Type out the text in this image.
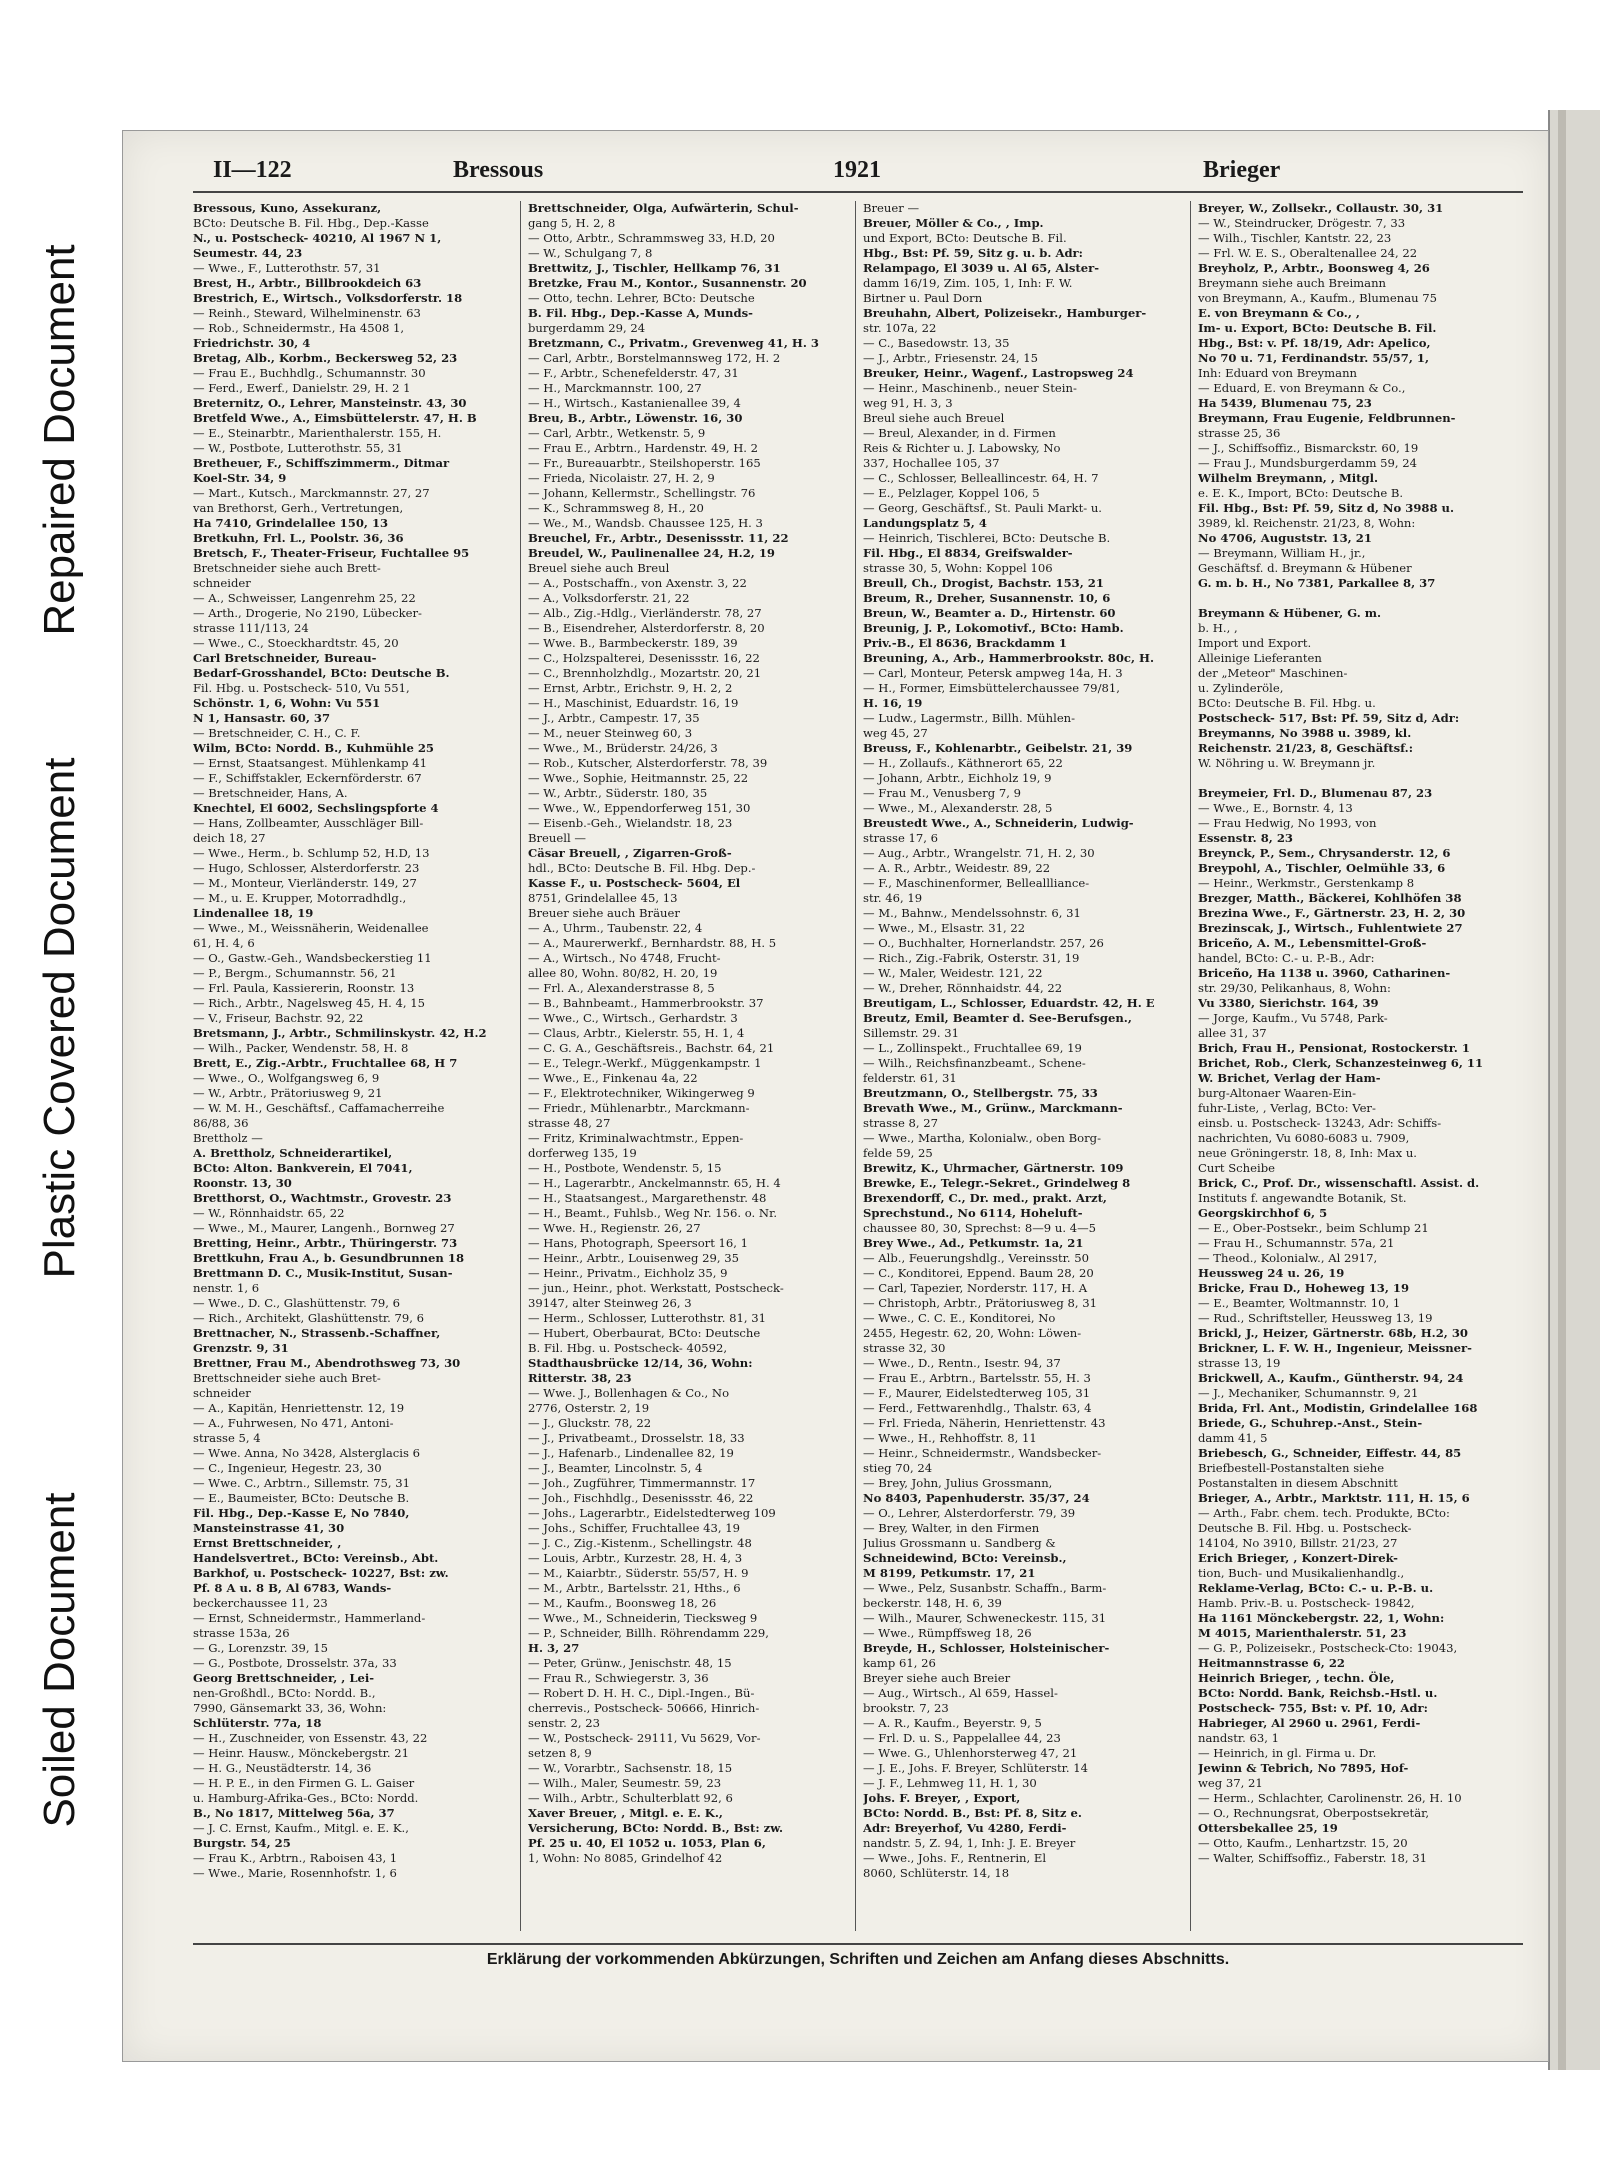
Soiled Document
Plastic Covered Document
Repaired Document
II—122	Bressous	1921	Brieger
Bressous, Kuno, Assekuranz,
BCto: Deutsche B. Fil. Hbg., Dep.-Kasse
N., u. Postscheck- 40210, Al 1967 N 1,
Seumestr. 44, 23
— Wwe., F., Lutterothstr. 57, 31
Brest, H., Arbtr., Billbrookdeich 63
Brestrich, E., Wirtsch., Volksdorferstr. 18
— Reinh., Steward, Wilhelminenstr. 63
— Rob., Schneidermstr., Ha 4508 1,
Friedrichstr. 30, 4
Bretag, Alb., Korbm., Beckersweg 52, 23
— Frau E., Buchhdlg., Schumannstr. 30
— Ferd., Ewerf., Danielstr. 29, H. 2 1
Breternitz, O., Lehrer, Mansteinstr. 43, 30
Bretfeld Wwe., A., Eimsbüttelerstr. 47, H. B
— E., Steinarbtr., Marienthalerstr. 155, H.
— W., Postbote, Lutterothstr. 55, 31
Bretheuer, F., Schiffszimmerm., Ditmar
Koel-Str. 34, 9
— Mart., Kutsch., Marckmannstr. 27, 27
van Brethorst, Gerh., Vertretungen,
Ha 7410, Grindelallee 150, 13
Bretkuhn, Frl. L., Poolstr. 36, 36
Bretsch, F., Theater-Friseur, Fuchtallee 95
Bretschneider siehe auch Brett-
schneider
— A., Schweisser, Langenrehm 25, 22
— Arth., Drogerie, No 2190, Lübecker-
strasse 111/113, 24
— Wwe., C., Stoeckhardtstr. 45, 20
Carl Bretschneider, Bureau-
Bedarf-Grosshandel, BCto: Deutsche B.
Fil. Hbg. u. Postscheck- 510, Vu 551,
Schönstr. 1, 6, Wohn: Vu 551
N 1, Hansastr. 60, 37
— Bretschneider, C. H., C. F.
Wilm, BCto: Nordd. B., Kuhmühle 25
— Ernst, Staatsangest. Mühlenkamp 41
— F., Schiffstakler, Eckernförderstr. 67
— Bretschneider, Hans, A.
Knechtel, El 6002, Sechslingspforte 4
— Hans, Zollbeamter, Ausschläger Bill-
deich 18, 27
— Wwe., Herm., b. Schlump 52, H.D, 13
— Hugo, Schlosser, Alsterdorferstr. 23
— M., Monteur, Vierländerstr. 149, 27
— M., u. E. Krupper, Motorradhdlg.,
Lindenallee 18, 19
— Wwe., M., Weissnäherin, Weidenallee
61, H. 4, 6
— O., Gastw.-Geh., Wandsbeckerstieg 11
— P., Bergm., Schumannstr. 56, 21
— Frl. Paula, Kassiererin, Roonstr. 13
— Rich., Arbtr., Nagelsweg 45, H. 4, 15
— V., Friseur, Bachstr. 92, 22
Bretsmann, J., Arbtr., Schmilinskystr. 42, H.2
— Wilh., Packer, Wendenstr. 58, H. 8
Brett, E., Zig.-Arbtr., Fruchtallee 68, H 7
— Wwe., O., Wolfgangsweg 6, 9
— W., Arbtr., Prätoriusweg 9, 21
— W. M. H., Geschäftsf., Caffamacherreihe
86/88, 36
Brettholz —
A. Brettholz, Schneiderartikel,
BCto: Alton. Bankverein, El 7041,
Roonstr. 13, 30
Bretthorst, O., Wachtmstr., Grovestr. 23
— W., Rönnhaidstr. 65, 22
— Wwe., M., Maurer, Langenh., Bornweg 27
Bretting, Heinr., Arbtr., Thüringerstr. 73
Brettkuhn, Frau A., b. Gesundbrunnen 18
Brettmann D. C., Musik-Institut, Susan-
nenstr. 1, 6
— Wwe., D. C., Glashüttenstr. 79, 6
— Rich., Architekt, Glashüttenstr. 79, 6
Brettnacher, N., Strassenb.-Schaffner,
Grenzstr. 9, 31
Brettner, Frau M., Abendrothsweg 73, 30
Brettschneider siehe auch Bret-
schneider
— A., Kapitän, Henriettenstr. 12, 19
— A., Fuhrwesen, No 471, Antoni-
strasse 5, 4
— Wwe. Anna, No 3428, Alsterglacis 6
— C., Ingenieur, Hegestr. 23, 30
— Wwe. C., Arbtrn., Sillemstr. 75, 31
— E., Baumeister, BCto: Deutsche B.
Fil. Hbg., Dep.-Kasse E, No 7840,
Mansteinstrasse 41, 30
Ernst Brettschneider, ,
Handelsvertret., BCto: Vereinsb., Abt.
Barkhof, u. Postscheck- 10227, Bst: zw.
Pf. 8 A u. 8 B, Al 6783, Wands-
beckerchaussee 11, 23
— Ernst, Schneidermstr., Hammerland-
strasse 153a, 26
— G., Lorenzstr. 39, 15
— G., Postbote, Drosselstr. 37a, 33
Georg Brettschneider, , Lei-
nen-Großhdl., BCto: Nordd. B.,
7990, Gänsemarkt 33, 36, Wohn:
Schlüterstr. 77a, 18
— H., Zuschneider, von Essenstr. 43, 22
— Heinr. Hausw., Mönckebergstr. 21
— H. G., Neustädterstr. 14, 36
— H. P. E., in den Firmen G. L. Gaiser
u. Hamburg-Afrika-Ges., BCto: Nordd.
B., No 1817, Mittelweg 56a, 37
— J. C. Ernst, Kaufm., Mitgl. e. E. K.,
Burgstr. 54, 25
— Frau K., Arbtrn., Raboisen 43, 1
— Wwe., Marie, Rosennhofstr. 1, 6
Brettschneider, Olga, Aufwärterin, Schul-
gang 5, H. 2, 8
— Otto, Arbtr., Schrammsweg 33, H.D, 20
— W., Schulgang 7, 8
Brettwitz, J., Tischler, Hellkamp 76, 31
Bretzke, Frau M., Kontor., Susannenstr. 20
— Otto, techn. Lehrer, BCto: Deutsche
B. Fil. Hbg., Dep.-Kasse A, Munds-
burgerdamm 29, 24
Bretzmann, C., Privatm., Grevenweg 41, H. 3
— Carl, Arbtr., Borstelmannsweg 172, H. 2
— F., Arbtr., Schenefelderstr. 47, 31
— H., Marckmannstr. 100, 27
— H., Wirtsch., Kastanienallee 39, 4
Breu, B., Arbtr., Löwenstr. 16, 30
— Carl, Arbtr., Wetkenstr. 5, 9
— Frau E., Arbtrn., Hardenstr. 49, H. 2
— Fr., Bureauarbtr., Steilshoperstr. 165
— Frieda, Nicolaistr. 27, H. 2, 9
— Johann, Kellermstr., Schellingstr. 76
— K., Schrammsweg 8, H., 20
— We., M., Wandsb. Chaussee 125, H. 3
Breuchel, Fr., Arbtr., Desenissstr. 11, 22
Breudel, W., Paulinenallee 24, H.2, 19
Breuel siehe auch Breul
— A., Postschaffn., von Axenstr. 3, 22
— A., Volksdorferstr. 21, 22
— Alb., Zig.-Hdlg., Vierländerstr. 78, 27
— B., Eisendreher, Alsterdorferstr. 8, 20
— Wwe. B., Barmbeckerstr. 189, 39
— C., Holzspalterei, Desenissstr. 16, 22
— C., Brennholzhdlg., Mozartstr. 20, 21
— Ernst, Arbtr., Erichstr. 9, H. 2, 2
— H., Maschinist, Eduardstr. 16, 19
— J., Arbtr., Campestr. 17, 35
— M., neuer Steinweg 60, 3
— Wwe., M., Brüderstr. 24/26, 3
— Rob., Kutscher, Alsterdorferstr. 78, 39
— Wwe., Sophie, Heitmannstr. 25, 22
— W., Arbtr., Süderstr. 180, 35
— Wwe., W., Eppendorferweg 151, 30
— Eisenb.-Geh., Wielandstr. 18, 23
Breuell —
Cäsar Breuell, , Zigarren-Groß-
hdl., BCto: Deutsche B. Fil. Hbg. Dep.-
Kasse F., u. Postscheck- 5604, El
8751, Grindelallee 45, 13
Breuer siehe auch Bräuer
— A., Uhrm., Taubenstr. 22, 4
— A., Maurerwerkf., Bernhardstr. 88, H. 5
— A., Wirtsch., No 4748, Frucht-
allee 80, Wohn. 80/82, H. 20, 19
— Frl. A., Alexanderstrasse 8, 5
— B., Bahnbeamt., Hammerbrookstr. 37
— Wwe., C., Wirtsch., Gerhardstr. 3
— Claus, Arbtr., Kielerstr. 55, H. 1, 4
— C. G. A., Geschäftsreis., Bachstr. 64, 21
— E., Telegr.-Werkf., Müggenkampstr. 1
— Wwe., E., Finkenau 4a, 22
— F., Elektrotechniker, Wikingerweg 9
— Friedr., Mühlenarbtr., Marckmann-
strasse 48, 27
— Fritz, Kriminalwachtmstr., Eppen-
dorferweg 135, 19
— H., Postbote, Wendenstr. 5, 15
— H., Lagerarbtr., Anckelmannstr. 65, H. 4
— H., Staatsangest., Margarethenstr. 48
— H., Beamt., Fuhlsb., Weg Nr. 156. o. Nr.
— Wwe. H., Regienstr. 26, 27
— Hans, Photograph, Speersort 16, 1
— Heinr., Arbtr., Louisenweg 29, 35
— Heinr., Privatm., Eichholz 35, 9
— jun., Heinr., phot. Werkstatt, Postscheck-
39147, alter Steinweg 26, 3
— Herm., Schlosser, Lutterothstr. 81, 31
— Hubert, Oberbaurat, BCto: Deutsche
B. Fil. Hbg. u. Postscheck- 40592,
Stadthausbrücke 12/14, 36, Wohn:
Ritterstr. 38, 23
— Wwe. J., Bollenhagen & Co., No
2776, Osterstr. 2, 19
— J., Gluckstr. 78, 22
— J., Privatbeamt., Drosselstr. 18, 33
— J., Hafenarb., Lindenallee 82, 19
— J., Beamter, Lincolnstr. 5, 4
— Joh., Zugführer, Timmermannstr. 17
— Joh., Fischhdlg., Desenissstr. 46, 22
— Johs., Lagerarbtr., Eidelstedterweg 109
— Johs., Schiffer, Fruchtallee 43, 19
— J. C., Zig.-Kistenm., Schellingstr. 48
— Louis, Arbtr., Kurzestr. 28, H. 4, 3
— M., Kaiarbtr., Süderstr. 55/57, H. 9
— M., Arbtr., Bartelsstr. 21, Hths., 6
— M., Kaufm., Boonsweg 18, 26
— Wwe., M., Schneiderin, Tiecksweg 9
— P., Schneider, Billh. Röhrendamm 229,
H. 3, 27
— Peter, Grünw., Jenischstr. 48, 15
— Frau R., Schwiegerstr. 3, 36
— Robert D. H. H. C., Dipl.-Ingen., Bü-
cherrevis., Postscheck- 50666, Hinrich-
senstr. 2, 23
— W., Postscheck- 29111, Vu 5629, Vor-
setzen 8, 9
— W., Vorarbtr., Sachsenstr. 18, 15
— Wilh., Maler, Seumestr. 59, 23
— Wilh., Arbtr., Schulterblatt 92, 6
Xaver Breuer, , Mitgl. e. E. K.,
Versicherung, BCto: Nordd. B., Bst: zw.
Pf. 25 u. 40, El 1052 u. 1053, Plan 6,
1, Wohn: No 8085, Grindelhof 42
Breuer —
Breuer, Möller & Co., , Imp.
und Export, BCto: Deutsche B. Fil.
Hbg., Bst: Pf. 59, Sitz g. u. b. Adr:
Relampago, El 3039 u. Al 65, Alster-
damm 16/19, Zim. 105, 1, Inh: F. W.
Birtner u. Paul Dorn
Breuhahn, Albert, Polizeisekr., Hamburger-
str. 107a, 22
— C., Basedowstr. 13, 35
— J., Arbtr., Friesenstr. 24, 15
Breuker, Heinr., Wagenf., Lastropsweg 24
— Heinr., Maschinenb., neuer Stein-
weg 91, H. 3, 3
Breul siehe auch Breuel
— Breul, Alexander, in d. Firmen
Reis & Richter u. J. Labowsky, No
337, Hochallee 105, 37
— C., Schlosser, Belleallincestr. 64, H. 7
— E., Pelzlager, Koppel 106, 5
— Georg, Geschäftsf., St. Pauli Markt- u.
Landungsplatz 5, 4
— Heinrich, Tischlerei, BCto: Deutsche B.
Fil. Hbg., El 8834, Greifswalder-
strasse 30, 5, Wohn: Koppel 106
Breull, Ch., Drogist, Bachstr. 153, 21
Breum, R., Dreher, Susannenstr. 10, 6
Breun, W., Beamter a. D., Hirtenstr. 60
Breunig, J. P., Lokomotivf., BCto: Hamb.
Priv.-B., El 8636, Brackdamm 1
Breuning, A., Arb., Hammerbrookstr. 80c, H.
— Carl, Monteur, Petersk ampweg 14a, H. 3
— H., Former, Eimsbüttelerchaussee 79/81,
H. 16, 19
— Ludw., Lagermstr., Billh. Mühlen-
weg 45, 27
Breuss, F., Kohlenarbtr., Geibelstr. 21, 39
— H., Zollaufs., Käthnerort 65, 22
— Johann, Arbtr., Eichholz 19, 9
— Frau M., Venusberg 7, 9
— Wwe., M., Alexanderstr. 28, 5
Breustedt Wwe., A., Schneiderin, Ludwig-
strasse 17, 6
— Aug., Arbtr., Wrangelstr. 71, H. 2, 30
— A. R., Arbtr., Weidestr. 89, 22
— F., Maschinenformer, Belleallliance-
str. 46, 19
— M., Bahnw., Mendelssohnstr. 6, 31
— Wwe., M., Elsastr. 31, 22
— O., Buchhalter, Hornerlandstr. 257, 26
— Rich., Zig.-Fabrik, Osterstr. 31, 19
— W., Maler, Weidestr. 121, 22
— W., Dreher, Rönnhaidstr. 44, 22
Breutigam, L., Schlosser, Eduardstr. 42, H. E
Breutz, Emil, Beamter d. See-Berufsgen.,
Sillemstr. 29. 31
— L., Zollinspekt., Fruchtallee 69, 19
— Wilh., Reichsfinanzbeamt., Schene-
felderstr. 61, 31
Breutzmann, O., Stellbergstr. 75, 33
Brevath Wwe., M., Grünw., Marckmann-
strasse 8, 27
— Wwe., Martha, Kolonialw., oben Borg-
felde 59, 25
Brewitz, K., Uhrmacher, Gärtnerstr. 109
Brewke, E., Telegr.-Sekret., Grindelweg 8
Brexendorff, C., Dr. med., prakt. Arzt,
Sprechstund., No 6114, Hoheluft-
chaussee 80, 30, Sprechst: 8—9 u. 4—5
Brey Wwe., Ad., Petkumstr. 1a, 21
— Alb., Feuerungshdlg., Vereinsstr. 50
— C., Konditorei, Eppend. Baum 28, 20
— Carl, Tapezier, Norderstr. 117, H. A
— Christoph, Arbtr., Prätoriusweg 8, 31
— Wwe., C. C. E., Konditorei, No
2455, Hegestr. 62, 20, Wohn: Löwen-
strasse 32, 30
— Wwe., D., Rentn., Isestr. 94, 37
— Frau E., Arbtrn., Bartelsstr. 55, H. 3
— F., Maurer, Eidelstedterweg 105, 31
— Ferd., Fettwarenhdlg., Thalstr. 63, 4
— Frl. Frieda, Näherin, Henriettenstr. 43
— Wwe., H., Rehhoffstr. 8, 11
— Heinr., Schneidermstr., Wandsbecker-
stieg 70, 24
— Brey, John, Julius Grossmann,
No 8403, Papenhuderstr. 35/37, 24
— O., Lehrer, Alsterdorferstr. 79, 39
— Brey, Walter, in den Firmen
Julius Grossmann u. Sandberg &
Schneidewind, BCto: Vereinsb.,
M 8199, Petkumstr. 17, 21
— Wwe., Pelz, Susanbstr. Schaffn., Barm-
beckerstr. 148, H. 6, 39
— Wilh., Maurer, Schweneckestr. 115, 31
— Wwe., Rümpffsweg 18, 26
Breyde, H., Schlosser, Holsteinischer-
kamp 61, 26
Breyer siehe auch Breier
— Aug., Wirtsch., Al 659, Hassel-
brookstr. 7, 23
— A. R., Kaufm., Beyerstr. 9, 5
— Frl. D. u. S., Pappelallee 44, 23
— Wwe. G., Uhlenhorsterweg 47, 21
— J. E., Johs. F. Breyer, Schlüterstr. 14
— J. F., Lehmweg 11, H. 1, 30
Johs. F. Breyer, , Export,
BCto: Nordd. B., Bst: Pf. 8, Sitz e.
Adr: Breyerhof, Vu 4280, Ferdi-
nandstr. 5, Z. 94, 1, Inh: J. E. Breyer
— Wwe., Johs. F., Rentnerin, El
8060, Schlüterstr. 14, 18
Breyer, W., Zollsekr., Collaustr. 30, 31
— W., Steindrucker, Drögestr. 7, 33
— Wilh., Tischler, Kantstr. 22, 23
— Frl. W. E. S., Oberaltenallee 24, 22
Breyholz, P., Arbtr., Boonsweg 4, 26
Breymann siehe auch Breimann
von Breymann, A., Kaufm., Blumenau 75
E. von Breymann & Co., ,
Im- u. Export, BCto: Deutsche B. Fil.
Hbg., Bst: v. Pf. 18/19, Adr: Apelico,
No 70 u. 71, Ferdinandstr. 55/57, 1,
Inh: Eduard von Breymann
— Eduard, E. von Breymann & Co.,
Ha 5439, Blumenau 75, 23
Breymann, Frau Eugenie, Feldbrunnen-
strasse 25, 36
— J., Schiffsoffiz., Bismarckstr. 60, 19
— Frau J., Mundsburgerdamm 59, 24
Wilhelm Breymann, , Mitgl.
e. E. K., Import, BCto: Deutsche B.
Fil. Hbg., Bst: Pf. 59, Sitz d, No 3988 u.
3989, kl. Reichenstr. 21/23, 8, Wohn:
No 4706, Auguststr. 13, 21
— Breymann, William H., jr.,
Geschäftsf. d. Breymann & Hübener
G. m. b. H., No 7381, Parkallee 8, 37

Breymann & Hübener, G. m.
b. H., ,
Import und Export.
Alleinige Lieferanten
der „Meteor" Maschinen-
u. Zylinderöle,
BCto: Deutsche B. Fil. Hbg. u.
Postscheck- 517, Bst: Pf. 59, Sitz d, Adr:
Breymanns, No 3988 u. 3989, kl.
Reichenstr. 21/23, 8, Geschäftsf.:
W. Nöhring u. W. Breymann jr.

Breymeier, Frl. D., Blumenau 87, 23
— Wwe., E., Bornstr. 4, 13
— Frau Hedwig, No 1993, von
Essenstr. 8, 23
Breynck, P., Sem., Chrysanderstr. 12, 6
Breypohl, A., Tischler, Oelmühle 33, 6
— Heinr., Werkmstr., Gerstenkamp 8
Brezger, Matth., Bäckerei, Kohlhöfen 38
Brezina Wwe., F., Gärtnerstr. 23, H. 2, 30
Brezinscak, J., Wirtsch., Fuhlentwiete 27
Briceño, A. M., Lebensmittel-Groß-
handel, BCto: C.- u. P.-B., Adr:
Briceño, Ha 1138 u. 3960, Catharinen-
str. 29/30, Pelikanhaus, 8, Wohn:
Vu 3380, Sierichstr. 164, 39
— Jorge, Kaufm., Vu 5748, Park-
allee 31, 37
Brich, Frau H., Pensionat, Rostockerstr. 1
Brichet, Rob., Clerk, Schanzesteinweg 6, 11
W. Brichet, Verlag der Ham-
burg-Altonaer Waaren-Ein-
fuhr-Liste, , Verlag, BCto: Ver-
einsb. u. Postscheck- 13243, Adr: Schiffs-
nachrichten, Vu 6080-6083 u. 7909,
neue Gröningerstr. 18, 8, Inh: Max u.
Curt Scheibe
Brick, C., Prof. Dr., wissenschaftl. Assist. d.
Instituts f. angewandte Botanik, St.
Georgskirchhof 6, 5
— E., Ober-Postsekr., beim Schlump 21
— Frau H., Schumannstr. 57a, 21
— Theod., Kolonialw., Al 2917,
Heussweg 24 u. 26, 19
Bricke, Frau D., Hoheweg 13, 19
— E., Beamter, Woltmannstr. 10, 1
— Rud., Schriftsteller, Heussweg 13, 19
Brickl, J., Heizer, Gärtnerstr. 68b, H.2, 30
Brickner, L. F. W. H., Ingenieur, Meissner-
strasse 13, 19
Brickwell, A., Kaufm., Güntherstr. 94, 24
— J., Mechaniker, Schumannstr. 9, 21
Brida, Frl. Ant., Modistin, Grindelallee 168
Briede, G., Schuhrep.-Anst., Stein-
damm 41, 5
Briebesch, G., Schneider, Eiffestr. 44, 85
Briefbestell-Postanstalten siehe
Postanstalten in diesem Abschnitt
Brieger, A., Arbtr., Marktstr. 111, H. 15, 6
— Arth., Fabr. chem. tech. Produkte, BCto:
Deutsche B. Fil. Hbg. u. Postscheck-
14104, No 3910, Billstr. 21/23, 27
Erich Brieger, , Konzert-Direk-
tion, Buch- und Musikalienhandlg.,
Reklame-Verlag, BCto: C.- u. P.-B. u.
Hamb. Priv.-B. u. Postscheck- 19842,
Ha 1161 Mönckebergstr. 22, 1, Wohn:
M 4015, Marienthalerstr. 51, 23
— G. P., Polizeisekr., Postscheck-Cto: 19043,
Heitmannstrasse 6, 22
Heinrich Brieger, , techn. Öle,
BCto: Nordd. Bank, Reichsb.-Hstl. u.
Postscheck- 755, Bst: v. Pf. 10, Adr:
Habrieger, Al 2960 u. 2961, Ferdi-
nandstr. 63, 1
— Heinrich, in gl. Firma u. Dr.
Jewinn & Tebrich, No 7895, Hof-
weg 37, 21
— Herm., Schlachter, Carolinenstr. 26, H. 10
— O., Rechnungsrat, Oberpostsekretär,
Ottersbekallee 25, 19
— Otto, Kaufm., Lenhartzstr. 15, 20
— Walter, Schiffsoffiz., Faberstr. 18, 31
Erklärung der vorkommenden Abkürzungen, Schriften und Zeichen am Anfang dieses Abschnitts.
